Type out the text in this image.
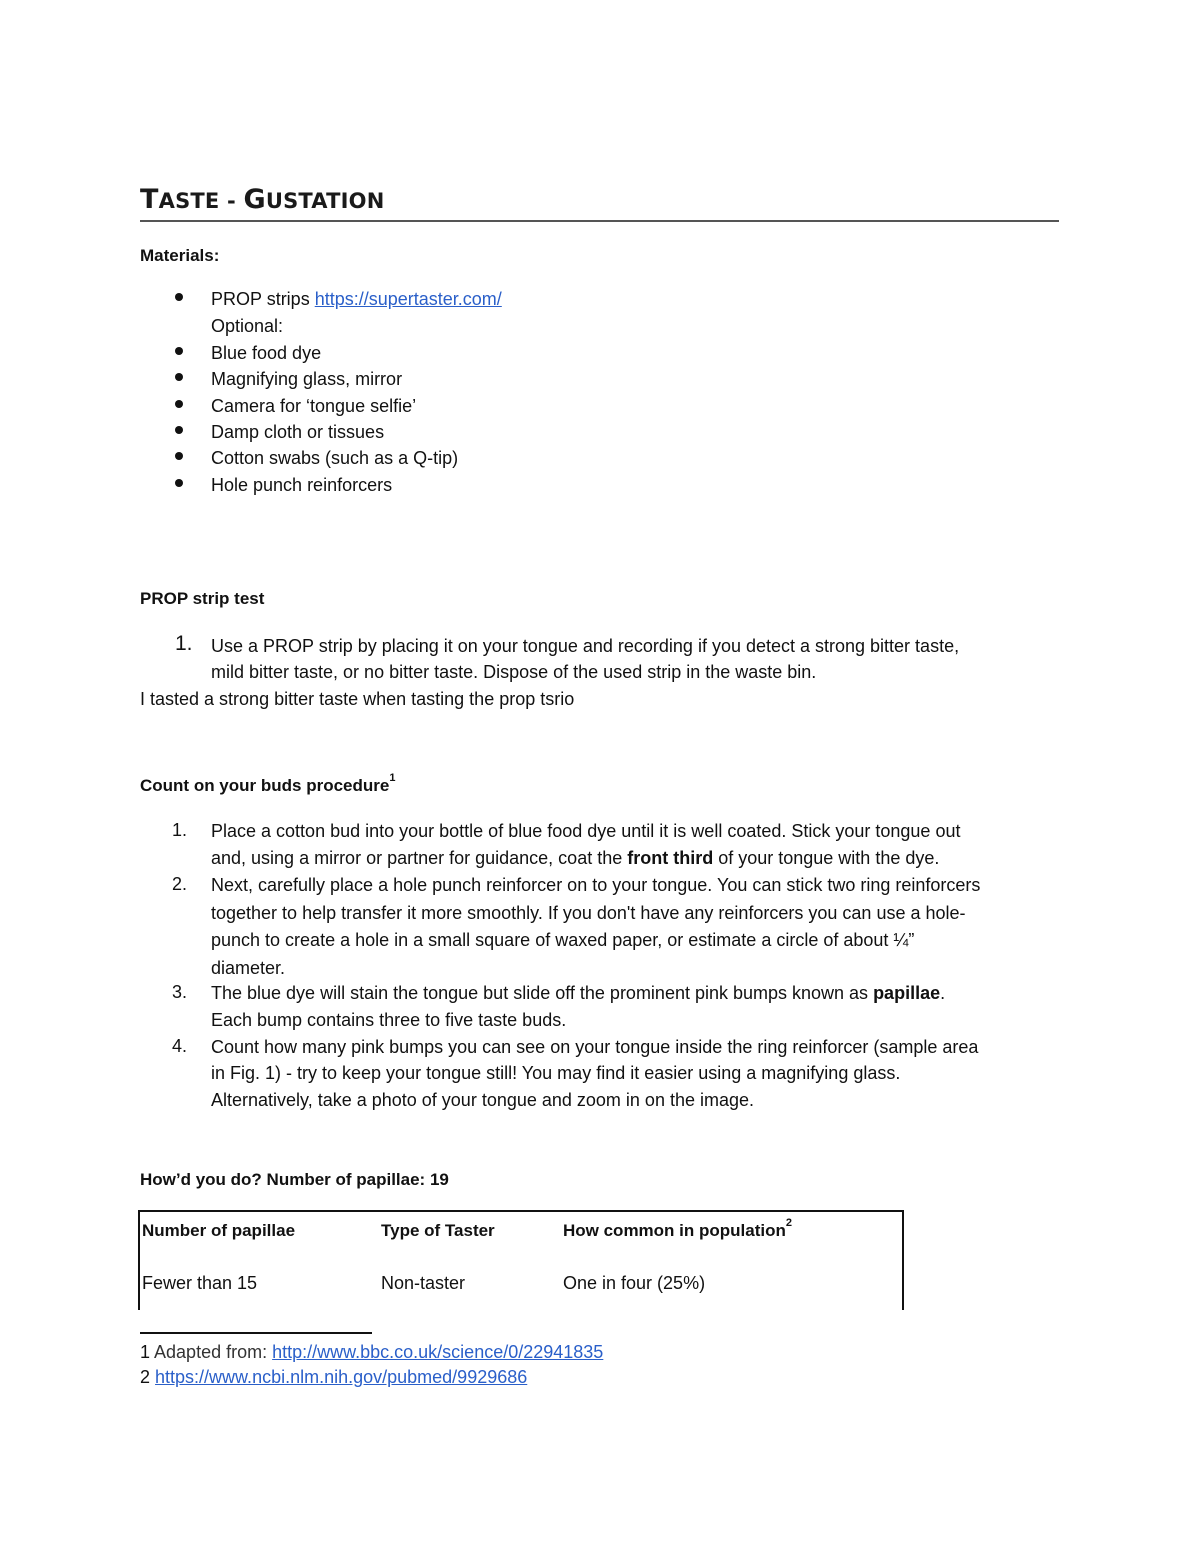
TASTE - GUSTATION
Materials:
PROP strips https://supertaster.com/
Optional:
Blue food dye
Magnifying glass, mirror
Camera for ‘tongue selfie’
Damp cloth or tissues
Cotton swabs (such as a Q-tip)
Hole punch reinforcers
PROP strip test
1. Use a PROP strip by placing it on your tongue and recording if you detect a strong bitter taste,
mild bitter taste, or no bitter taste. Dispose of the used strip in the waste bin.
I tasted a strong bitter taste when tasting the prop tsrio
Count on your buds procedure$^1$
1. Place a cotton bud into your bottle of blue food dye until it is well coated. Stick your tongue out
and, using a mirror or partner for guidance, coat the front third of your tongue with the dye.
2. Next, carefully place a hole punch reinforcer on to your tongue. You can stick two ring reinforcers
together to help transfer it more smoothly. If you don't have any reinforcers you can use a hole-
punch to create a hole in a small square of waxed paper, or estimate a circle of about ¼”
diameter.
3. The blue dye will stain the tongue but slide off the prominent pink bumps known as papillae.
Each bump contains three to five taste buds.
4. Count how many pink bumps you can see on your tongue inside the ring reinforcer (sample area
in Fig. 1) - try to keep your tongue still! You may find it easier using a magnifying glass.
Alternatively, take a photo of your tongue and zoom in on the image.
How’d you do? Number of papillae: 19
Number of papillae	Type of Taster	How common in population$^2$
Fewer than 15	Non-taster	One in four (25%)
1 Adapted from: http://www.bbc.co.uk/science/0/22941835
2 https://www.ncbi.nlm.nih.gov/pubmed/9929686
